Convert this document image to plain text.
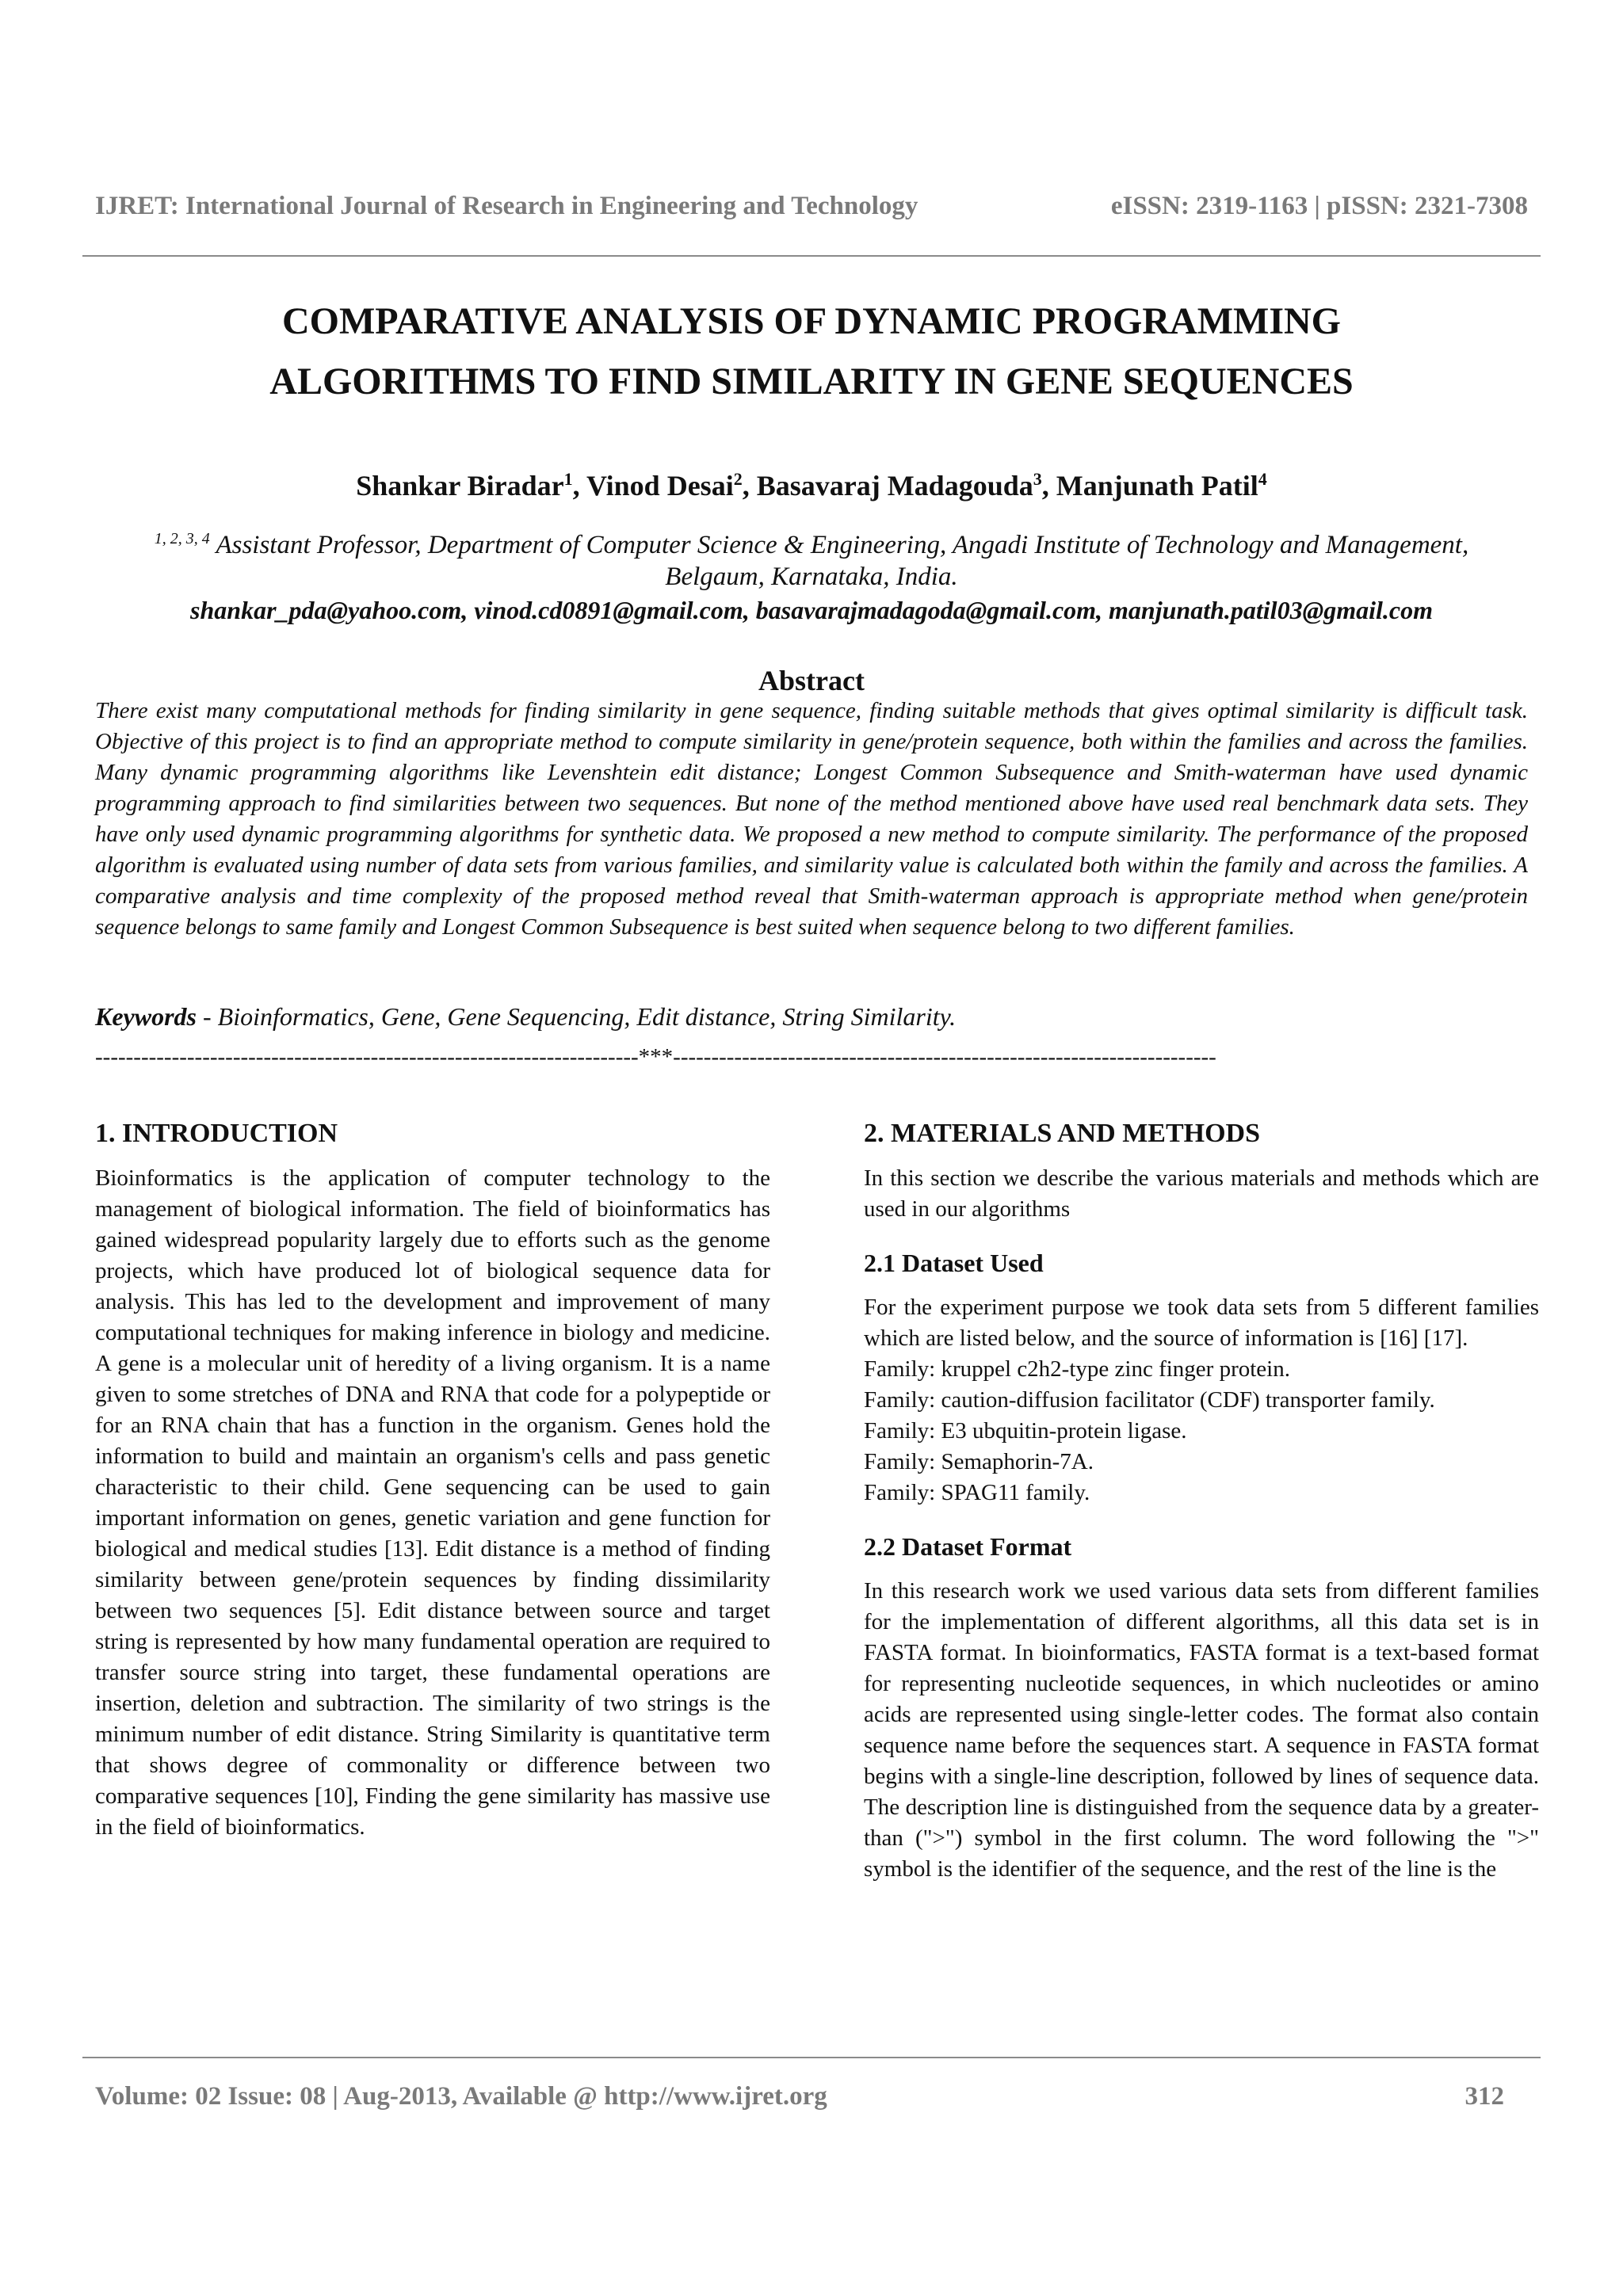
IJRET: International Journal of Research in Engineering and Technology	eISSN: 2319-1163 | pISSN: 2321-7308
COMPARATIVE ANALYSIS OF DYNAMIC PROGRAMMING
ALGORITHMS TO FIND SIMILARITY IN GENE SEQUENCES
Shankar Biradar$^1$, Vinod Desai$^2$, Basavaraj Madagouda$^3$, Manjunath Patil$^4$
$^{1, 2, 3, 4}$ Assistant Professor, Department of Computer Science & Engineering, Angadi Institute of Technology and Management, Belgaum, Karnataka, India.
shankar_pda@yahoo.com, vinod.cd0891@gmail.com, basavarajmadagoda@gmail.com, manjunath.patil03@gmail.com
Abstract
There exist many computational methods for finding similarity in gene sequence, finding suitable methods that gives optimal similarity is difficult task. Objective of this project is to find an appropriate method to compute similarity in gene/protein sequence, both within the families and across the families. Many dynamic programming algorithms like Levenshtein edit distance; Longest Common Subsequence and Smith-waterman have used dynamic programming approach to find similarities between two sequences. But none of the method mentioned above have used real benchmark data sets. They have only used dynamic programming algorithms for synthetic data. We proposed a new method to compute similarity. The performance of the proposed algorithm is evaluated using number of data sets from various families, and similarity value is calculated both within the family and across the families. A comparative analysis and time complexity of the proposed method reveal that Smith-waterman approach is appropriate method when gene/protein sequence belongs to same family and Longest Common Subsequence is best suited when sequence belong to two different families.
Keywords - Bioinformatics, Gene, Gene Sequencing, Edit distance, String Similarity.
-----------------------------------------------------------------------***-----------------------------------------------------------------------
1. INTRODUCTION

Bioinformatics is the application of computer technology to the management of biological information. The field of bioinformatics has gained widespread popularity largely due to efforts such as the genome projects, which have produced lot of biological sequence data for analysis. This has led to the development and improvement of many computational techniques for making inference in biology and medicine. A gene is a molecular unit of heredity of a living organism. It is a name given to some stretches of DNA and RNA that code for a polypeptide or for an RNA chain that has a function in the organism. Genes hold the information to build and maintain an organism's cells and pass genetic characteristic to their child. Gene sequencing can be used to gain important information on genes, genetic variation and gene function for biological and medical studies [13]. Edit distance is a method of finding similarity between gene/protein sequences by finding dissimilarity between two sequences [5]. Edit distance between source and target string is represented by how many fundamental operation are required to transfer source string into target, these fundamental operations are insertion, deletion and subtraction. The similarity of two strings is the minimum number of edit distance. String Similarity is quantitative term that shows degree of commonality or difference between two comparative sequences [10], Finding the gene similarity has massive use in the field of bioinformatics.

2. MATERIALS AND METHODS

In this section we describe the various materials and methods which are used in our algorithms

2.1 Dataset Used

For the experiment purpose we took data sets from 5 different families which are listed below, and the source of information is [16] [17].

Family: kruppel c2h2-type zinc finger protein.
Family: caution-diffusion facilitator (CDF) transporter family.
Family: E3 ubquitin-protein ligase.
Family: Semaphorin-7A.
Family: SPAG11 family.
2.2 Dataset Format

In this research work we used various data sets from different families for the implementation of different algorithms, all this data set is in FASTA format. In bioinformatics, FASTA format is a text-based format for representing nucleotide sequences, in which nucleotides or amino acids are represented using single-letter codes. The format also contain sequence name before the sequences start. A sequence in FASTA format begins with a single-line description, followed by lines of sequence data. The description line is distinguished from the sequence data by a greater-than (">") symbol in the first column. The word following the ">" symbol is the identifier of the sequence, and the rest of the line is the

Volume: 02 Issue: 08 | Aug-2013, Available @ http://www.ijret.org	312
